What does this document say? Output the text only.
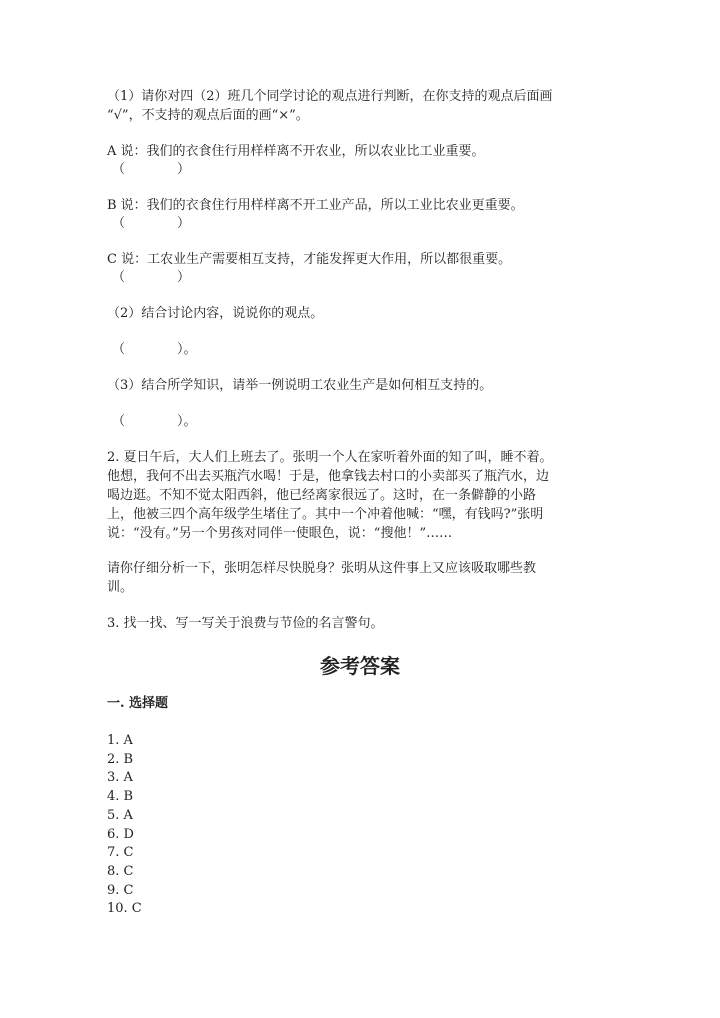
（1）请你对四（2）班几个同学讨论的观点进行判断，在你支持的观点后面画
“√”，不支持的观点后面的画“×”。
A 说：我们的衣食住行用样样离不开农业，所以农业比工业重要。
（　　　　）
B 说：我们的衣食住行用样样离不开工业产品，所以工业比农业更重要。
（　　　　）
C 说：工农业生产需要相互支持，才能发挥更大作用，所以都很重要。
（　　　　）
（2）结合讨论内容，说说你的观点。
（　　　　）。
（3）结合所学知识，请举一例说明工农业生产是如何相互支持的。
（　　　　）。
2. 夏日午后，大人们上班去了。张明一个人在家听着外面的知了叫，睡不着。
他想，我何不出去买瓶汽水喝！于是，他拿钱去村口的小卖部买了瓶汽水，边
喝边逛。不知不觉太阳西斜，他已经离家很远了。这时，在一条僻静的小路
上，他被三四个高年级学生堵住了。其中一个冲着他喊：“嘿，有钱吗?”张明
说：“没有。”另一个男孩对同伴一使眼色，说：“搜他！”……
请你仔细分析一下，张明怎样尽快脱身？张明从这件事上又应该吸取哪些教
训。
3. 找一找、写一写关于浪费与节俭的名言警句。
参考答案
一. 选择题
1. A
2. B
3. A
4. B
5. A
6. D
7. C
8. C
9. C
10. C
